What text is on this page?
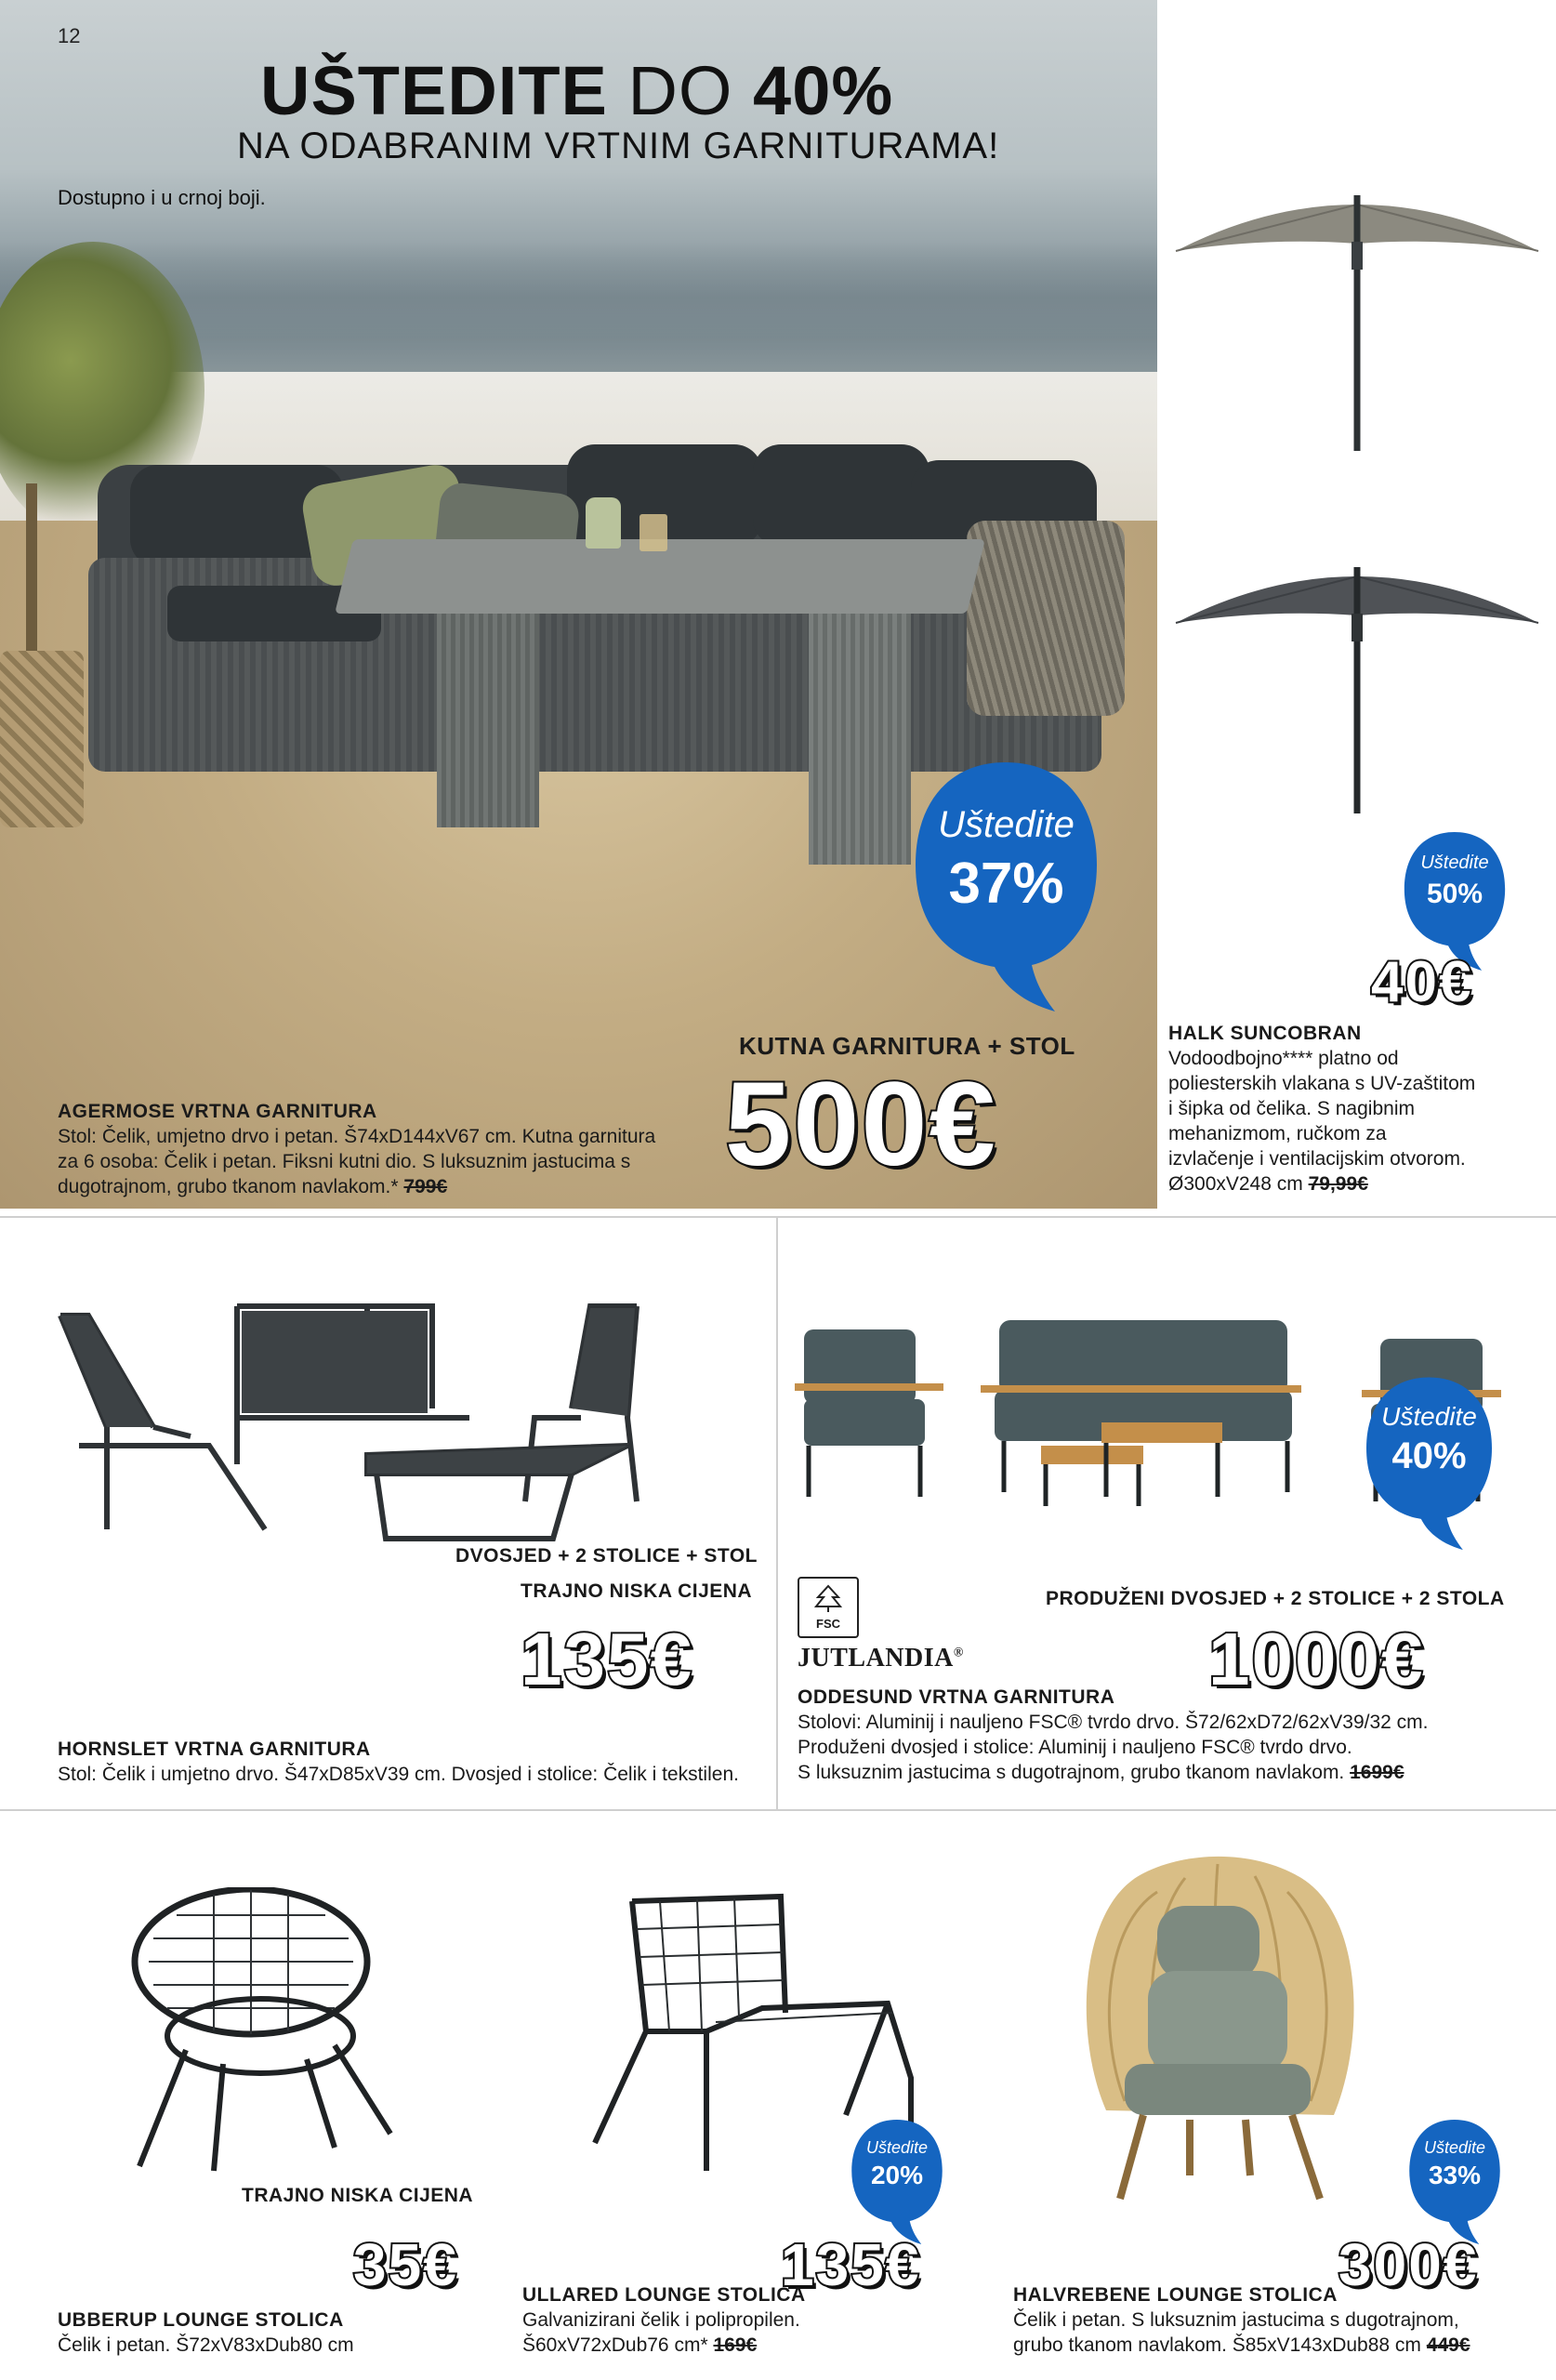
12
UŠTEDITE DO 40%
NA ODABRANIM VRTNIM GARNITURAMA!
Dostupno i u crnoj boji.
Uštedite
37%
KUTNA GARNITURA + STOL
500€
AGERMOSE VRTNA GARNITURA
Stol: Čelik, umjetno drvo i petan. Š74xD144xV67 cm. Kutna garnitura
za 6 osoba: Čelik i petan. Fiksni kutni dio. S luksuznim jastucima s
dugotrajnom, grubo tkanom navlakom.* 799€
Uštedite
50%
40€
HALK SUNCOBRAN
Vodoodbojno**** platno od
poliesterskih vlakana s UV-zaštitom
i šipka od čelika. S nagibnim
mehanizmom, ručkom za
izvlačenje i ventilacijskim otvorom.
Ø300xV248 cm 79,99€
DVOSJED + 2 STOLICE + STOL
TRAJNO NISKA CIJENA
135€
HORNSLET VRTNA GARNITURA
Stol: Čelik i umjetno drvo. Š47xD85xV39 cm. Dvosjed i stolice: Čelik i tekstilen.
Uštedite
40%
FSC
JUTLANDIA®
PRODUŽENI DVOSJED + 2 STOLICE + 2 STOLA
1000€
ODDESUND VRTNA GARNITURA
Stolovi: Aluminij i nauljeno FSC® tvrdo drvo. Š72/62xD72/62xV39/32 cm.
Produženi dvosjed i stolice: Aluminij i nauljeno FSC® tvrdo drvo.
S luksuznim jastucima s dugotrajnom, grubo tkanom navlakom. 1699€
TRAJNO NISKA CIJENA
35€
UBBERUP LOUNGE STOLICA
Čelik i petan. Š72xV83xDub80 cm
Uštedite
20%
135€
ULLARED LOUNGE STOLICA
Galvanizirani čelik i polipropilen.
Š60xV72xDub76 cm* 169€
Uštedite
33%
300€
HALVREBENE LOUNGE STOLICA
Čelik i petan. S luksuznim jastucima s dugotrajnom,
grubo tkanom navlakom. Š85xV143xDub88 cm 449€
